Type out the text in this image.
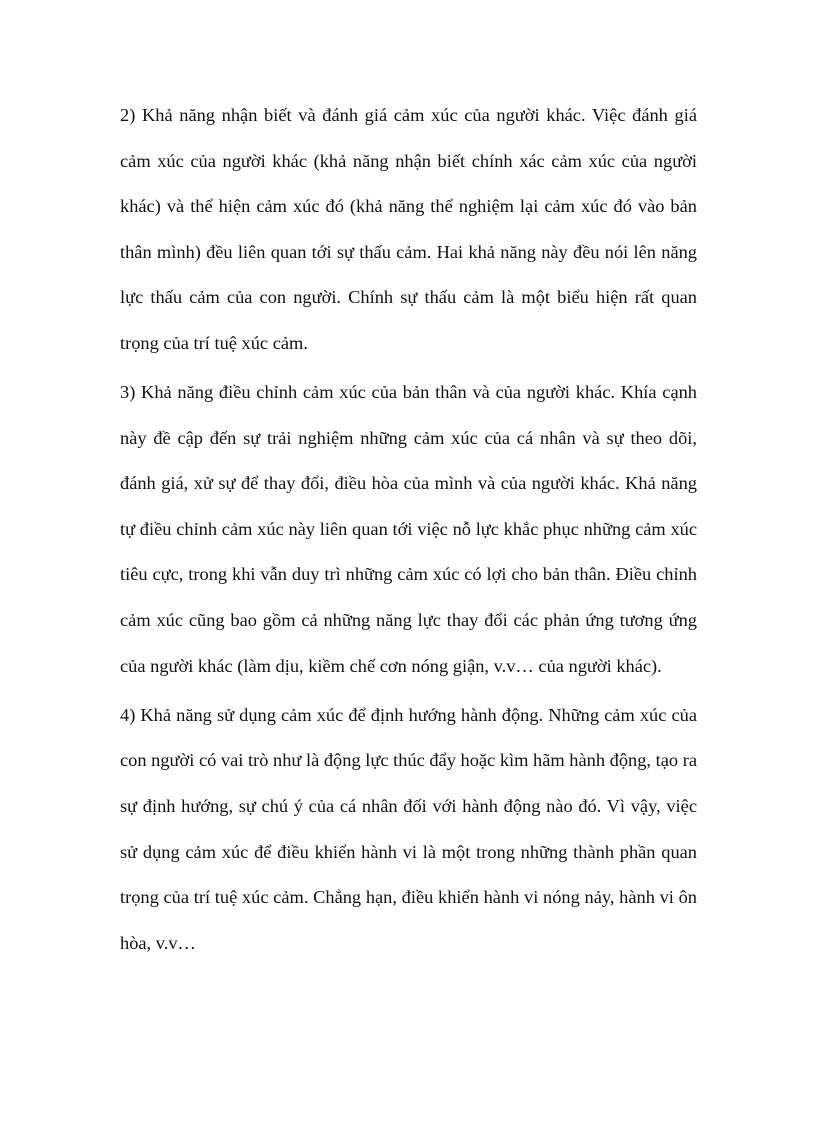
2) Khả năng nhận biết và đánh giá cảm xúc của người khác. Việc đánh giá cảm xúc của người khác (khả năng nhận biết chính xác cảm xúc của người khác) và thể hiện cảm xúc đó (khả năng thể nghiệm lại cảm xúc đó vào bản thân mình) đều liên quan tới sự thấu cảm. Hai khả năng này đều nói lên năng lực thấu cảm của con người. Chính sự thấu cảm là một biểu hiện rất quan trọng của trí tuệ xúc cảm.

3) Khả năng điều chỉnh cảm xúc của bản thân và của người khác. Khía cạnh này đề cập đến sự trải nghiệm những cảm xúc của cá nhân và sự theo dõi, đánh giá, xử sự để thay đổi, điều hòa của mình và của người khác. Khả năng tự điều chỉnh cảm xúc này liên quan tới việc nỗ lực khắc phục những cảm xúc tiêu cực, trong khi vẫn duy trì những cảm xúc có lợi cho bản thân. Điều chỉnh cảm xúc cũng bao gồm cả những năng lực thay đổi các phản ứng tương ứng của người khác (làm dịu, kiềm chế cơn nóng giận, v.v… của người khác).

4) Khả năng sử dụng cảm xúc để định hướng hành động. Những cảm xúc của con người có vai trò như là động lực thúc đẩy hoặc kìm hãm hành động, tạo ra sự định hướng, sự chú ý của cá nhân đối với hành động nào đó. Vì vậy, việc sử dụng cảm xúc để điều khiển hành vi là một trong những thành phần quan trọng của trí tuệ xúc cảm. Chẳng hạn, điều khiển hành vi nóng nảy, hành vi ôn hòa, v.v…
